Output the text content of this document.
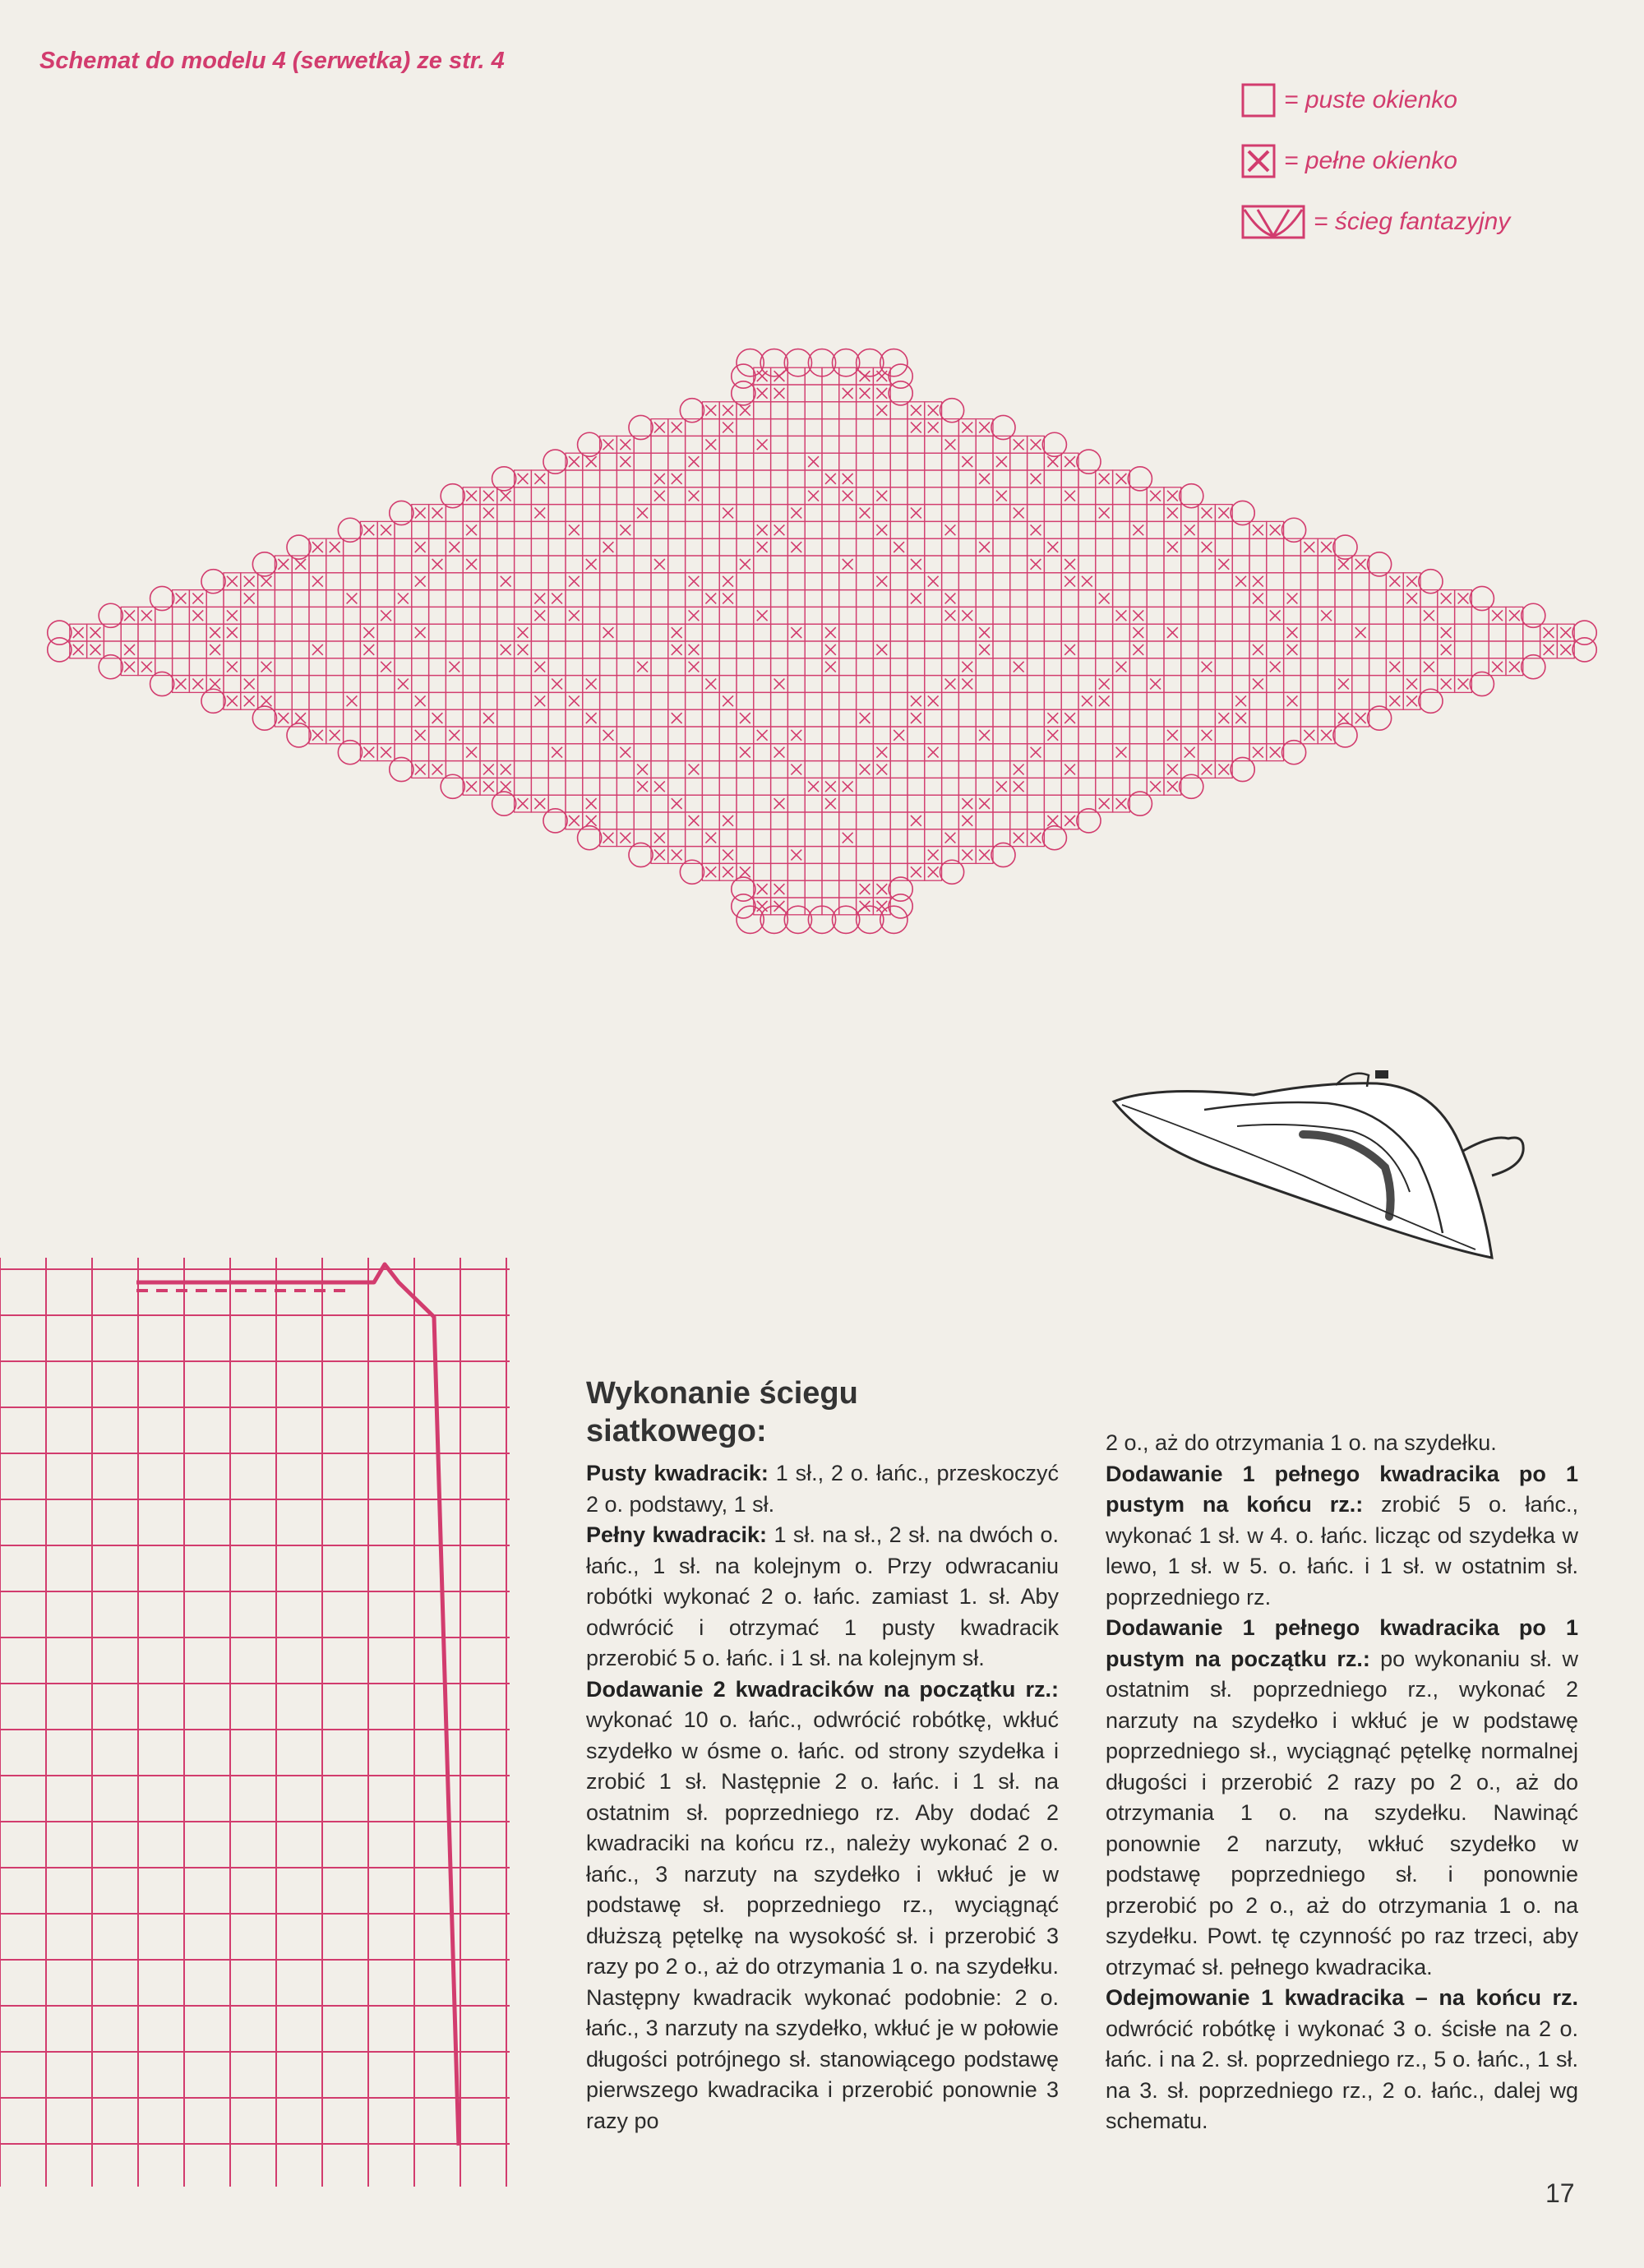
Schemat do modelu 4 (serwetka) ze str. 4
= puste okienko
= pełne okienko
= ścieg fantazyjny
Wykonanie ściegu
siatkowego:

Pusty kwadracik: 1 sł., 2 o. łańc., przeskoczyć 2 o. podstawy, 1 sł.

Pełny kwadracik: 1 sł. na sł., 2 sł. na dwóch o. łańc., 1 sł. na kolejnym o. Przy odwracaniu robótki wykonać 2 o. łańc. zamiast 1. sł. Aby odwrócić i otrzymać 1 pusty kwadracik przerobić 5 o. łańc. i 1 sł. na kolejnym sł.

Dodawanie 2 kwadracików na początku rz.: wykonać 10 o. łańc., odwrócić robótkę, wkłuć szydełko w ósme o. łańc. od strony szydełka i zrobić 1 sł. Następnie 2 o. łańc. i 1 sł. na ostatnim sł. poprzedniego rz. Aby dodać 2 kwadraciki na końcu rz., należy wykonać 2 o. łańc., 3 narzuty na szydełko i wkłuć je w podstawę sł. poprzedniego rz., wyciągnąć dłuższą pętelkę na wysokość sł. i przerobić 3 razy po 2 o., aż do otrzymania 1 o. na szydełku. Następny kwadracik wykonać podobnie: 2 o. łańc., 3 narzuty na szydełko, wkłuć je w połowie długości potrójnego sł. stanowiącego podstawę pierwszego kwadracika i przerobić ponownie 3 razy po

2 o., aż do otrzymania 1 o. na szydełku.

Dodawanie 1 pełnego kwadracika po 1 pustym na końcu rz.: zrobić 5 o. łańc., wykonać 1 sł. w 4. o. łańc. licząc od szydełka w lewo, 1 sł. w 5. o. łańc. i 1 sł. w ostatnim sł. poprzedniego rz.

Dodawanie 1 pełnego kwadracika po 1 pustym na początku rz.: po wykonaniu sł. w ostatnim sł. poprzedniego rz., wykonać 2 narzuty na szydełko i wkłuć je w podstawę poprzedniego sł., wyciągnąć pętelkę normalnej długości i przerobić 2 razy po 2 o., aż do otrzymania 1 o. na szydełku. Nawinąć ponownie 2 narzuty, wkłuć szydełko w podstawę poprzedniego sł. i ponownie przerobić po 2 o., aż do otrzymania 1 o. na szydełku. Powt. tę czynność po raz trzeci, aby otrzymać sł. pełnego kwadracika.

Odejmowanie 1 kwadracika – na końcu rz. odwrócić robótkę i wykonać 3 o. ścisłe na 2 o. łańc. i na 2. sł. poprzedniego rz., 5 o. łańc., 1 sł. na 3. sł. poprzedniego rz., 2 o. łańc., dalej wg schematu.

17
